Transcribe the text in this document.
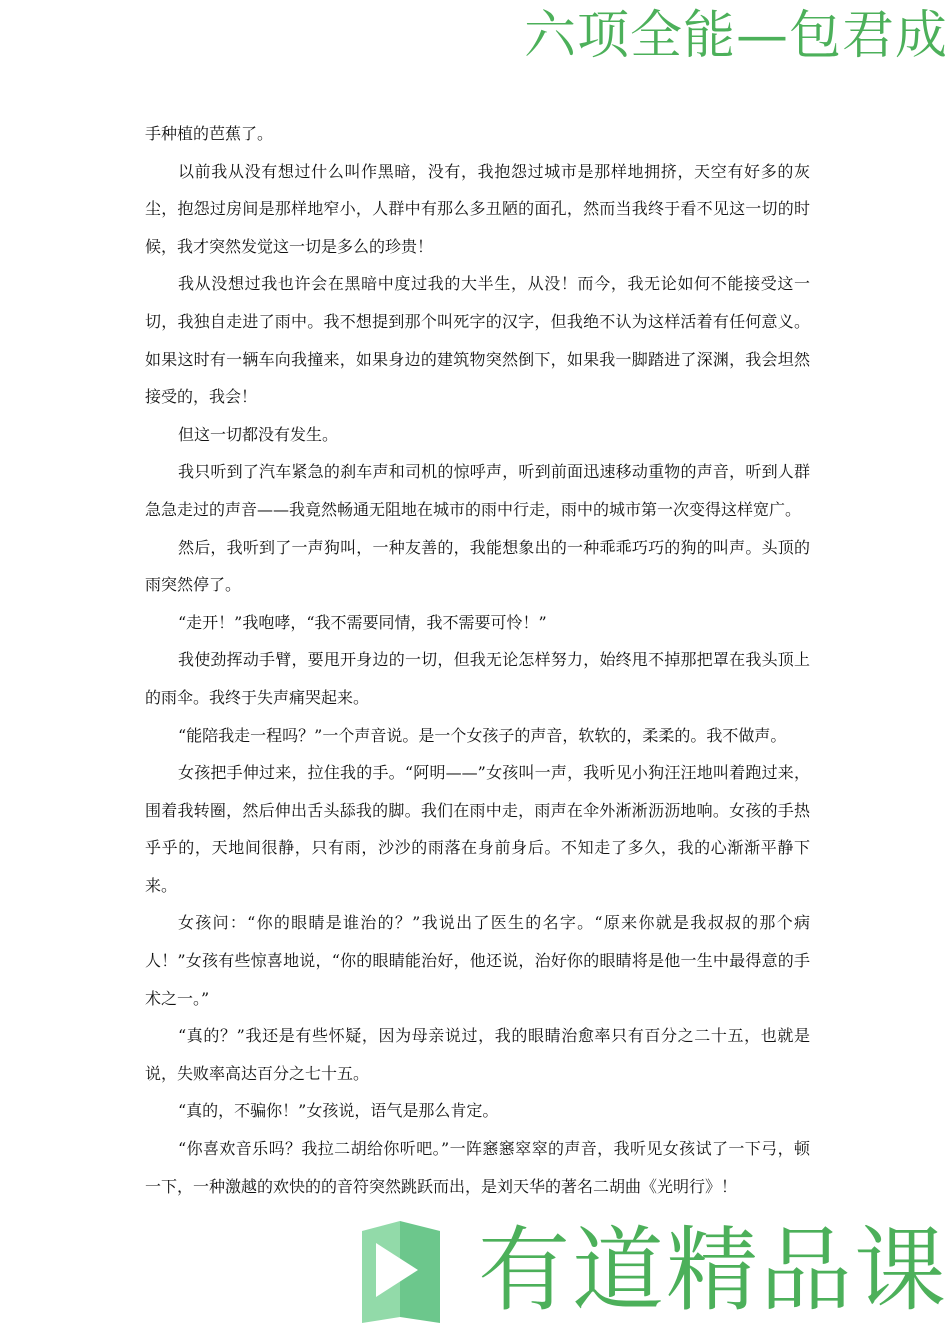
六项全能—包君成

手种植的芭蕉了。

以前我从没有想过什么叫作黑暗，没有，我抱怨过城市是那样地拥挤，天空有好多的灰尘，抱怨过房间是那样地窄小，人群中有那么多丑陋的面孔，然而当我终于看不见这一切的时候，我才突然发觉这一切是多么的珍贵！

我从没想过我也许会在黑暗中度过我的大半生，从没！而今，我无论如何不能接受这一切，我独自走进了雨中。我不想提到那个叫死字的汉字，但我绝不认为这样活着有任何意义。如果这时有一辆车向我撞来，如果身边的建筑物突然倒下，如果我一脚踏进了深渊，我会坦然接受的，我会！

但这一切都没有发生。

我只听到了汽车紧急的刹车声和司机的惊呼声，听到前面迅速移动重物的声音，听到人群急急走过的声音——我竟然畅通无阻地在城市的雨中行走，雨中的城市第一次变得这样宽广。

然后，我听到了一声狗叫，一种友善的，我能想象出的一种乖乖巧巧的狗的叫声。头顶的雨突然停了。

“走开！”我咆哮，“我不需要同情，我不需要可怜！”

我使劲挥动手臂，要甩开身边的一切，但我无论怎样努力，始终甩不掉那把罩在我头顶上的雨伞。我终于失声痛哭起来。

“能陪我走一程吗？”一个声音说。是一个女孩子的声音，软软的，柔柔的。我不做声。

女孩把手伸过来，拉住我的手。“阿明——”女孩叫一声，我听见小狗汪汪地叫着跑过来，围着我转圈，然后伸出舌头舔我的脚。我们在雨中走，雨声在伞外淅淅沥沥地响。女孩的手热乎乎的，天地间很静，只有雨，沙沙的雨落在身前身后。不知走了多久，我的心渐渐平静下来。

女孩问：“你的眼睛是谁治的？”我说出了医生的名字。“原来你就是我叔叔的那个病人！”女孩有些惊喜地说，“你的眼睛能治好，他还说，治好你的眼睛将是他一生中最得意的手术之一。”

“真的？”我还是有些怀疑，因为母亲说过，我的眼睛治愈率只有百分之二十五，也就是说，失败率高达百分之七十五。

“真的，不骗你！”女孩说，语气是那么肯定。

“你喜欢音乐吗？我拉二胡给你听吧。”一阵窸窸窣窣的声音，我听见女孩试了一下弓，顿一下，一种激越的欢快的的音符突然跳跃而出，是刘天华的著名二胡曲《光明行》！

有道精品课
